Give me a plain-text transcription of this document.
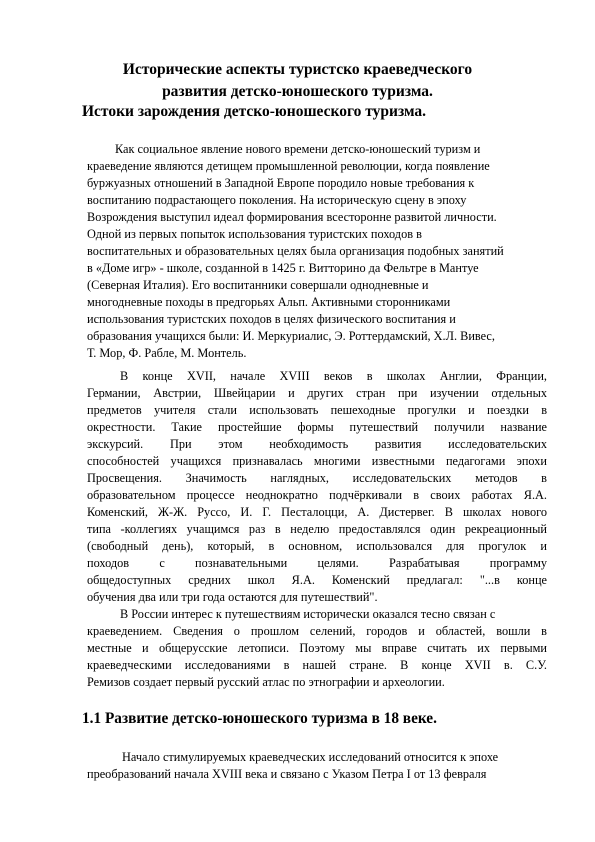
Исторические аспекты туристско краеведческого
развития детско-юношеского туризма.
Истоки зарождения детско-юношеского туризма.
Как социальное явление нового времени детско-юношеский туризм и
краеведение являются детищем промышленной революции, когда появление
буржуазных отношений в Западной Европе породило новые требования к
воспитанию подрастающего поколения. На историческую сцену в эпоху
Возрождения выступил идеал формирования всесторонне развитой личности.
Одной из первых попыток использования туристских походов в
воспитательных и образовательных целях была организация подобных занятий
в «Доме игр» - школе, созданной в 1425 г. Витторино да Фельтре в Мантуе
(Северная Италия). Его воспитанники совершали однодневные и
многодневные походы в предгорьях Альп. Активными сторонниками
использования туристских походов в целях физического воспитания и
образования учащихся были: И. Меркуриалис, Э. Роттердамский, Х.Л. Вивес,
Т. Мор, Ф. Рабле, М. Монтель.
В конце XVII, начале XVIII веков в школах Англии, Франции,
Германии, Австрии, Швейцарии и других стран при изучении отдельных
предметов учителя стали использовать пешеходные прогулки и поездки в
окрестности. Такие простейшие формы путешествий получили название
экскурсий. При этом необходимость развития исследовательских
способностей учащихся признавалась многими известными педагогами эпохи
Просвещения. Значимость наглядных, исследовательских методов в
образовательном процессе неоднократно подчёркивали в своих работах Я.А.
Коменский, Ж-Ж. Руссо, И. Г. Песталоцци, А. Дистервег. В школах нового
типа -коллегиях учащимся раз в неделю предоставлялся один рекреационный
(свободный день), который, в основном, использовался для прогулок и
походов с познавательными целями. Разрабатывая программу
общедоступных средних школ Я.А. Коменский предлагал: "...в конце
обучения два или три года остаются для путешествий".
В России интерес к путешествиям исторически оказался тесно связан с
краеведением. Сведения о прошлом селений, городов и областей, вошли в
местные и общерусские летописи. Поэтому мы вправе считать их первыми
краеведческими исследованиями в нашей стране. В конце XVII в. С.У.
Ремизов создает первый русский атлас по этнографии и археологии.
1.1 Развитие детско-юношеского туризма в 18 веке.
Начало стимулируемых краеведческих исследований относится к эпохе
преобразований начала XVIII века и связано с Указом Петра I от 13 февраля
